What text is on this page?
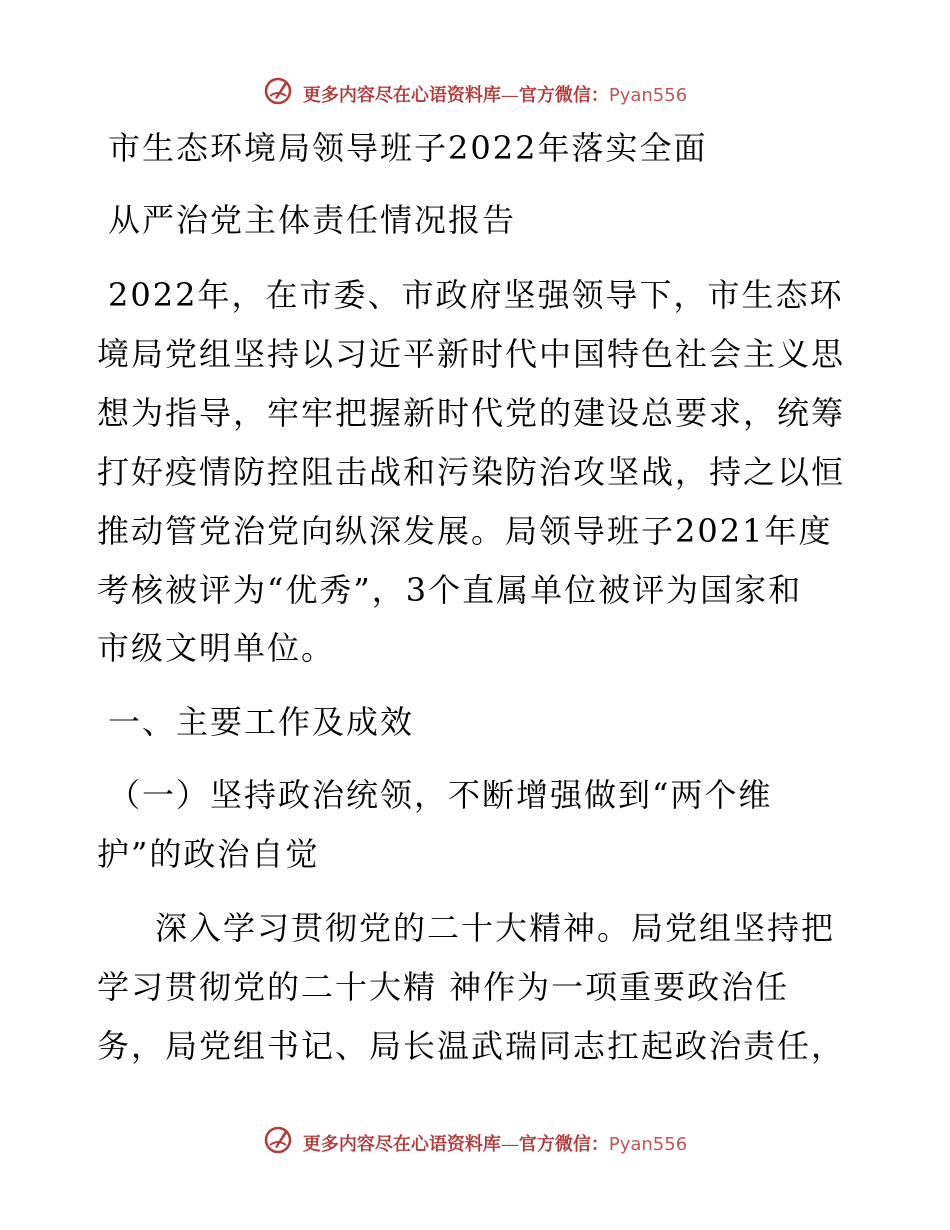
更多内容尽在心语资料库—官方微信：Pyan556
市生态环境局领导班子2022年落实全面
从严治党主体责任情况报告
2022年，在市委、市政府坚强领导下，市生态环
境局党组坚持以习近平新时代中国特色社会主义思
想为指导，牢牢把握新时代党的建设总要求，统筹
打好疫情防控阻击战和污染防治攻坚战，持之以恒
推动管党治党向纵深发展。局领导班子2021年度
考核被评为“优秀”，3个直属单位被评为国家和
市级文明单位。
一、主要工作及成效
（一）坚持政治统领，不断增强做到“两个维
护”的政治自觉
深入学习贯彻党的二十大精神。局党组坚持把
学习贯彻党的二十大精 神作为一项重要政治任
务，局党组书记、局长温武瑞同志扛起政治责任，
更多内容尽在心语资料库—官方微信：Pyan556
